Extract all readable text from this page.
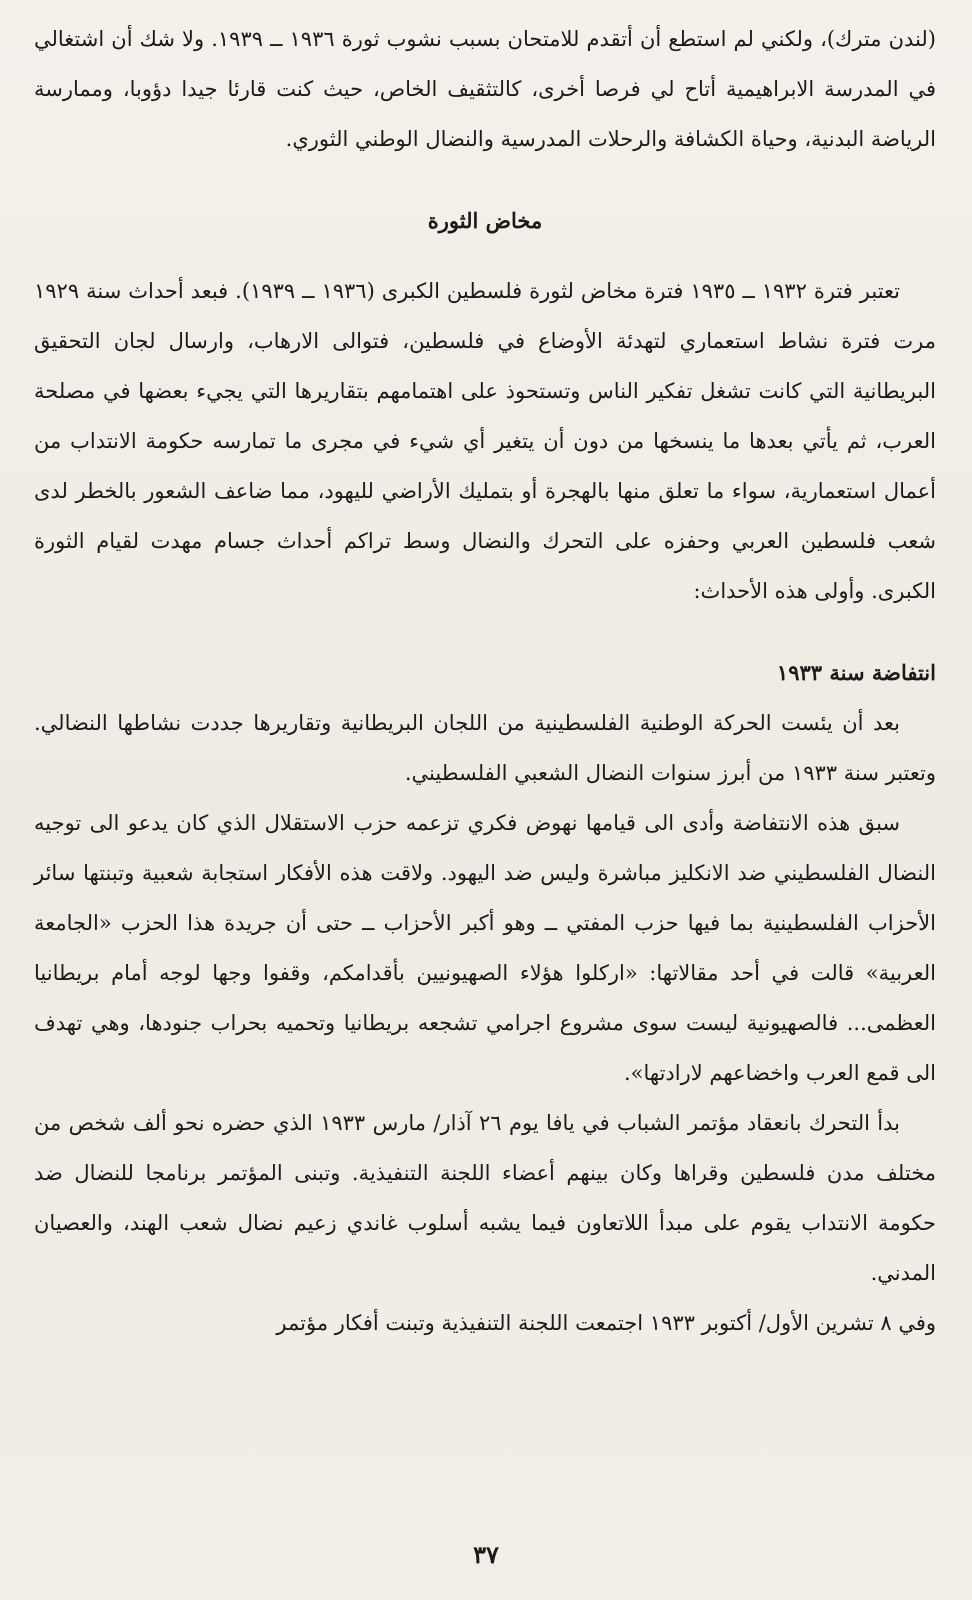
(لندن مترك)، ولكني لم استطع أن أتقدم للامتحان بسبب نشوب ثورة ١٩٣٦ ــ ١٩٣٩. ولا شك أن اشتغالي في المدرسة الابراهيمية أتاح لي فرصا أخرى، كالتثقيف الخاص، حيث كنت قارئا جيدا دؤوبا، وممارسة الرياضة البدنية، وحياة الكشافة والرحلات المدرسية والنضال الوطني الثوري.

مخاض الثورة

تعتبر فترة ١٩٣٢ ــ ١٩٣٥ فترة مخاض لثورة فلسطين الكبرى (١٩٣٦ ــ ١٩٣٩). فبعد أحداث سنة ١٩٢٩ مرت فترة نشاط استعماري لتهدئة الأوضاع في فلسطين، فتوالى الارهاب، وارسال لجان التحقيق البريطانية التي كانت تشغل تفكير الناس وتستحوذ على اهتمامهم بتقاريرها التي يجيء بعضها في مصلحة العرب، ثم يأتي بعدها ما ينسخها من دون أن يتغير أي شيء في مجرى ما تمارسه حكومة الانتداب من أعمال استعمارية، سواء ما تعلق منها بالهجرة أو بتمليك الأراضي لليهود، مما ضاعف الشعور بالخطر لدى شعب فلسطين العربي وحفزه على التحرك والنضال وسط تراكم أحداث جسام مهدت لقيام الثورة الكبرى. وأولى هذه الأحداث:

انتفاضة سنة ١٩٣٣

بعد أن يئست الحركة الوطنية الفلسطينية من اللجان البريطانية وتقاريرها جددت نشاطها النضالي. وتعتبر سنة ١٩٣٣ من أبرز سنوات النضال الشعبي الفلسطيني.

سبق هذه الانتفاضة وأدى الى قيامها نهوض فكري تزعمه حزب الاستقلال الذي كان يدعو الى توجيه النضال الفلسطيني ضد الانكليز مباشرة وليس ضد اليهود. ولاقت هذه الأفكار استجابة شعبية وتبنتها سائر الأحزاب الفلسطينية بما فيها حزب المفتي ــ وهو أكبر الأحزاب ــ حتى أن جريدة هذا الحزب «الجامعة العربية» قالت في أحد مقالاتها: «اركلوا هؤلاء الصهيونيين بأقدامكم، وقفوا وجها لوجه أمام بريطانيا العظمى... فالصهيونية ليست سوى مشروع اجرامي تشجعه بريطانيا وتحميه بحراب جنودها، وهي تهدف الى قمع العرب واخضاعهم لارادتها».

بدأ التحرك بانعقاد مؤتمر الشباب في يافا يوم ٢٦ آذار/ مارس ١٩٣٣ الذي حضره نحو ألف شخص من مختلف مدن فلسطين وقراها وكان بينهم أعضاء اللجنة التنفيذية. وتبنى المؤتمر برنامجا للنضال ضد حكومة الانتداب يقوم على مبدأ اللاتعاون فيما يشبه أسلوب غاندي زعيم نضال شعب الهند، والعصيان المدني.

وفي ٨ تشرين الأول/ أكتوبر ١٩٣٣ اجتمعت اللجنة التنفيذية وتبنت أفكار مؤتمر

٣٧
